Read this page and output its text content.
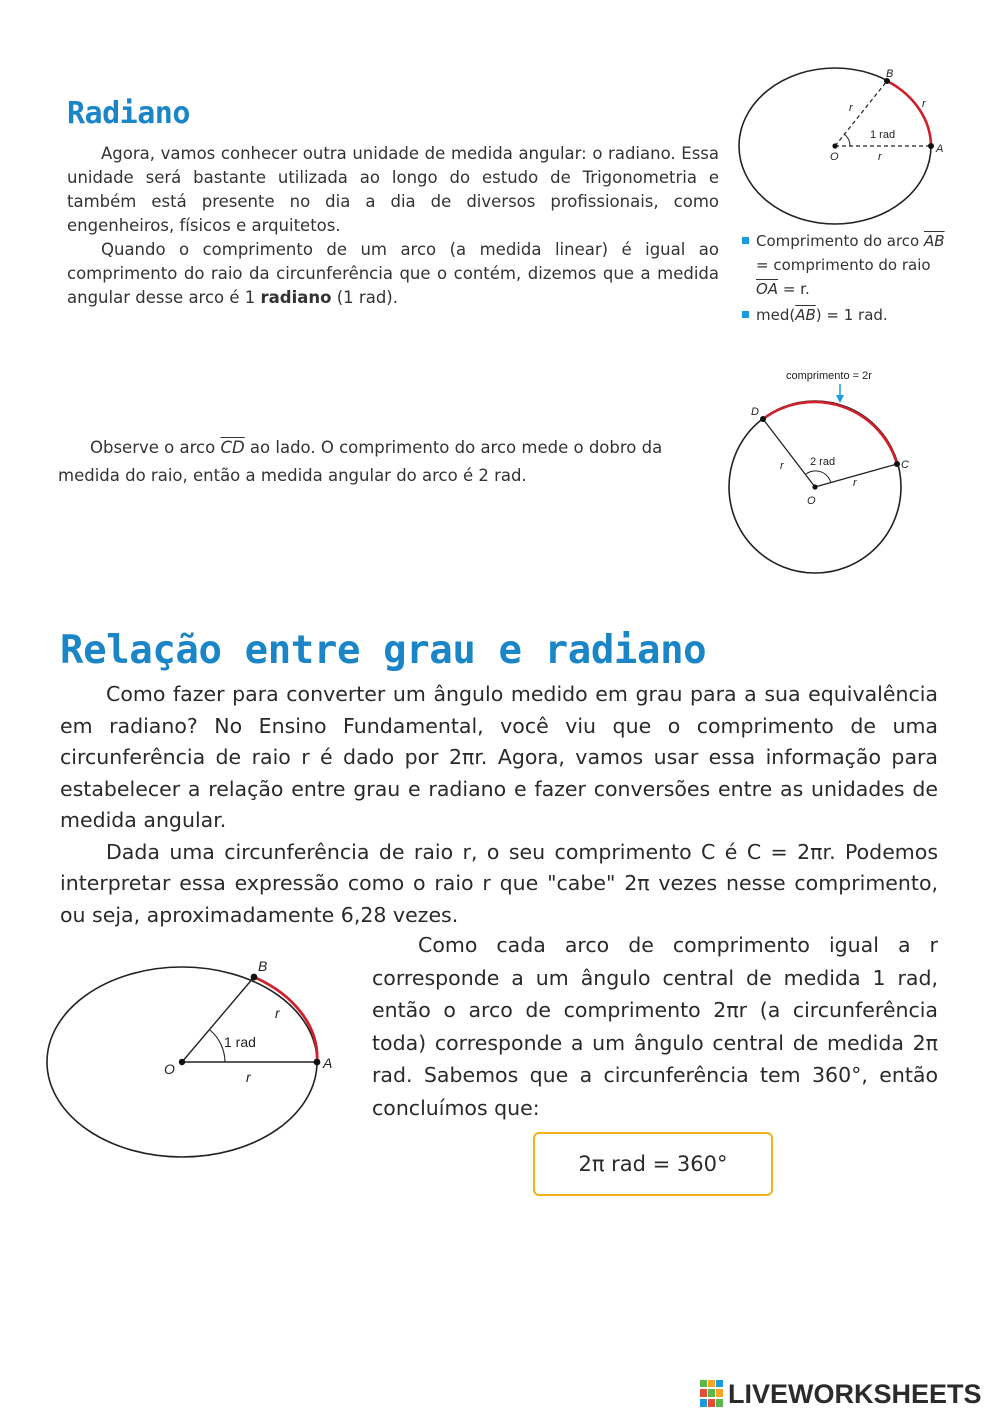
Radiano

Agora, vamos conhecer outra unidade de medida angular: o radiano. Essa unidade será bastante utilizada ao longo do estudo de Trigonometria e também está presente no dia a dia de diversos profissionais, como engenheiros, físicos e arquitetos.

Quando o comprimento de um arco (a medida linear) é igual ao comprimento do raio da circunferência que o contém, dizemos que a medida angular desse arco é 1 radiano (1 rad).

B
A
O
r	r
r
1 rad
Comprimento do arco $\overline{AB}$ = comprimento do raio $\overline{OA} = r$.
$med(\overline{AB}) = 1$ rad.

Observe o arco $\overline{CD}$ ao lado. O comprimento do arco mede o dobro da medida do raio, então a medida angular do arco é 2 rad.

comprimento = 2r
D
C
O
r
r
2 rad
Relação entre grau e radiano

Como fazer para converter um ângulo medido em grau para a sua equivalência em radiano? No Ensino Fundamental, você viu que o comprimento de uma circunferência de raio r é dado por 2πr. Agora, vamos usar essa informação para estabelecer a relação entre grau e radiano e fazer conversões entre as unidades de medida angular.

Dada uma circunferência de raio r, o seu comprimento C é C = 2πr. Podemos interpretar essa expressão como o raio r que "cabe" 2π vezes nesse comprimento, ou seja, aproximadamente 6,28 vezes.

Como cada arco de comprimento igual a r corresponde a um ângulo central de medida 1 rad, então o arco de comprimento 2πr (a circunferência toda) corresponde a um ângulo central de medida 2π rad. Sabemos que a circunferência tem 360°, então concluímos que:

B
A
O
r
r
1 rad
2π rad = 360°
LIVEWORKSHEETS
